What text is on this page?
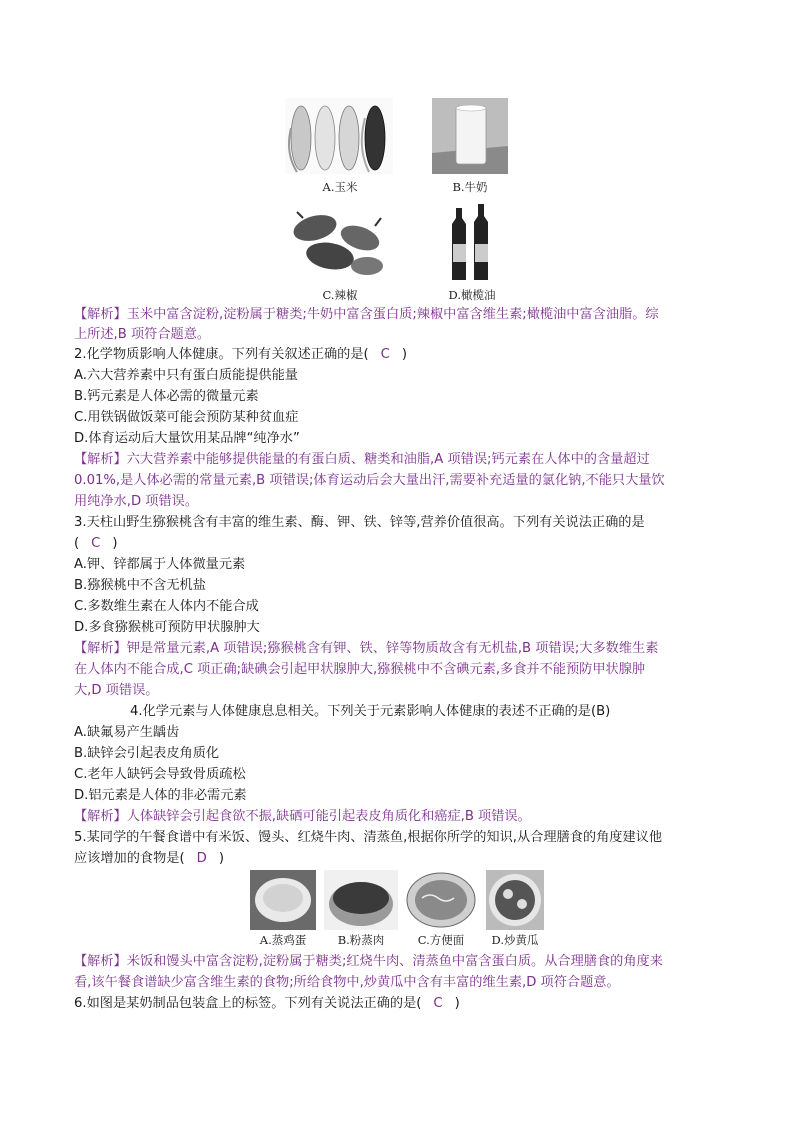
A.玉米	B.牛奶
C.辣椒	D.橄榄油
【解析】玉米中富含淀粉,淀粉属于糖类;牛奶中富含蛋白质;辣椒中富含维生素;橄榄油中富含油脂。综
上所述,B 项符合题意。
2.化学物质影响人体健康。下列有关叙述正确的是( C )
A.六大营养素中只有蛋白质能提供能量
B.钙元素是人体必需的微量元素
C.用铁锅做饭菜可能会预防某种贫血症
D.体育运动后大量饮用某品牌“纯净水”
【解析】六大营养素中能够提供能量的有蛋白质、糖类和油脂,A 项错误;钙元素在人体中的含量超过
0.01%,是人体必需的常量元素,B 项错误;体育运动后会大量出汗,需要补充适量的氯化钠,不能只大量饮
用纯净水,D 项错误。
3.天柱山野生猕猴桃含有丰富的维生素、酶、钾、铁、锌等,营养价值很高。下列有关说法正确的是
( C )
A.钾、锌都属于人体微量元素
B.猕猴桃中不含无机盐
C.多数维生素在人体内不能合成
D.多食猕猴桃可预防甲状腺肿大
【解析】钾是常量元素,A 项错误;猕猴桃含有钾、铁、锌等物质故含有无机盐,B 项错误;大多数维生素
在人体内不能合成,C 项正确;缺碘会引起甲状腺肿大,猕猴桃中不含碘元素,多食并不能预防甲状腺肿
大,D 项错误。
4.化学元素与人体健康息息相关。下列关于元素影响人体健康的表述不正确的是(B)
A.缺氟易产生龋齿
B.缺锌会引起表皮角质化
C.老年人缺钙会导致骨质疏松
D.铝元素是人体的非必需元素
【解析】人体缺锌会引起食欲不振,缺硒可能引起表皮角质化和癌症,B 项错误。
5.某同学的午餐食谱中有米饭、馒头、红烧牛肉、清蒸鱼,根据你所学的知识,从合理膳食的角度建议他
应该增加的食物是( D )
A.蒸鸡蛋	B.粉蒸肉	C.方便面	D.炒黄瓜
【解析】米饭和馒头中富含淀粉,淀粉属于糖类;红烧牛肉、清蒸鱼中富含蛋白质。从合理膳食的角度来
看,该午餐食谱缺少富含维生素的食物;所给食物中,炒黄瓜中含有丰富的维生素,D 项符合题意。
6.如图是某奶制品包装盒上的标签。下列有关说法正确的是( C )
